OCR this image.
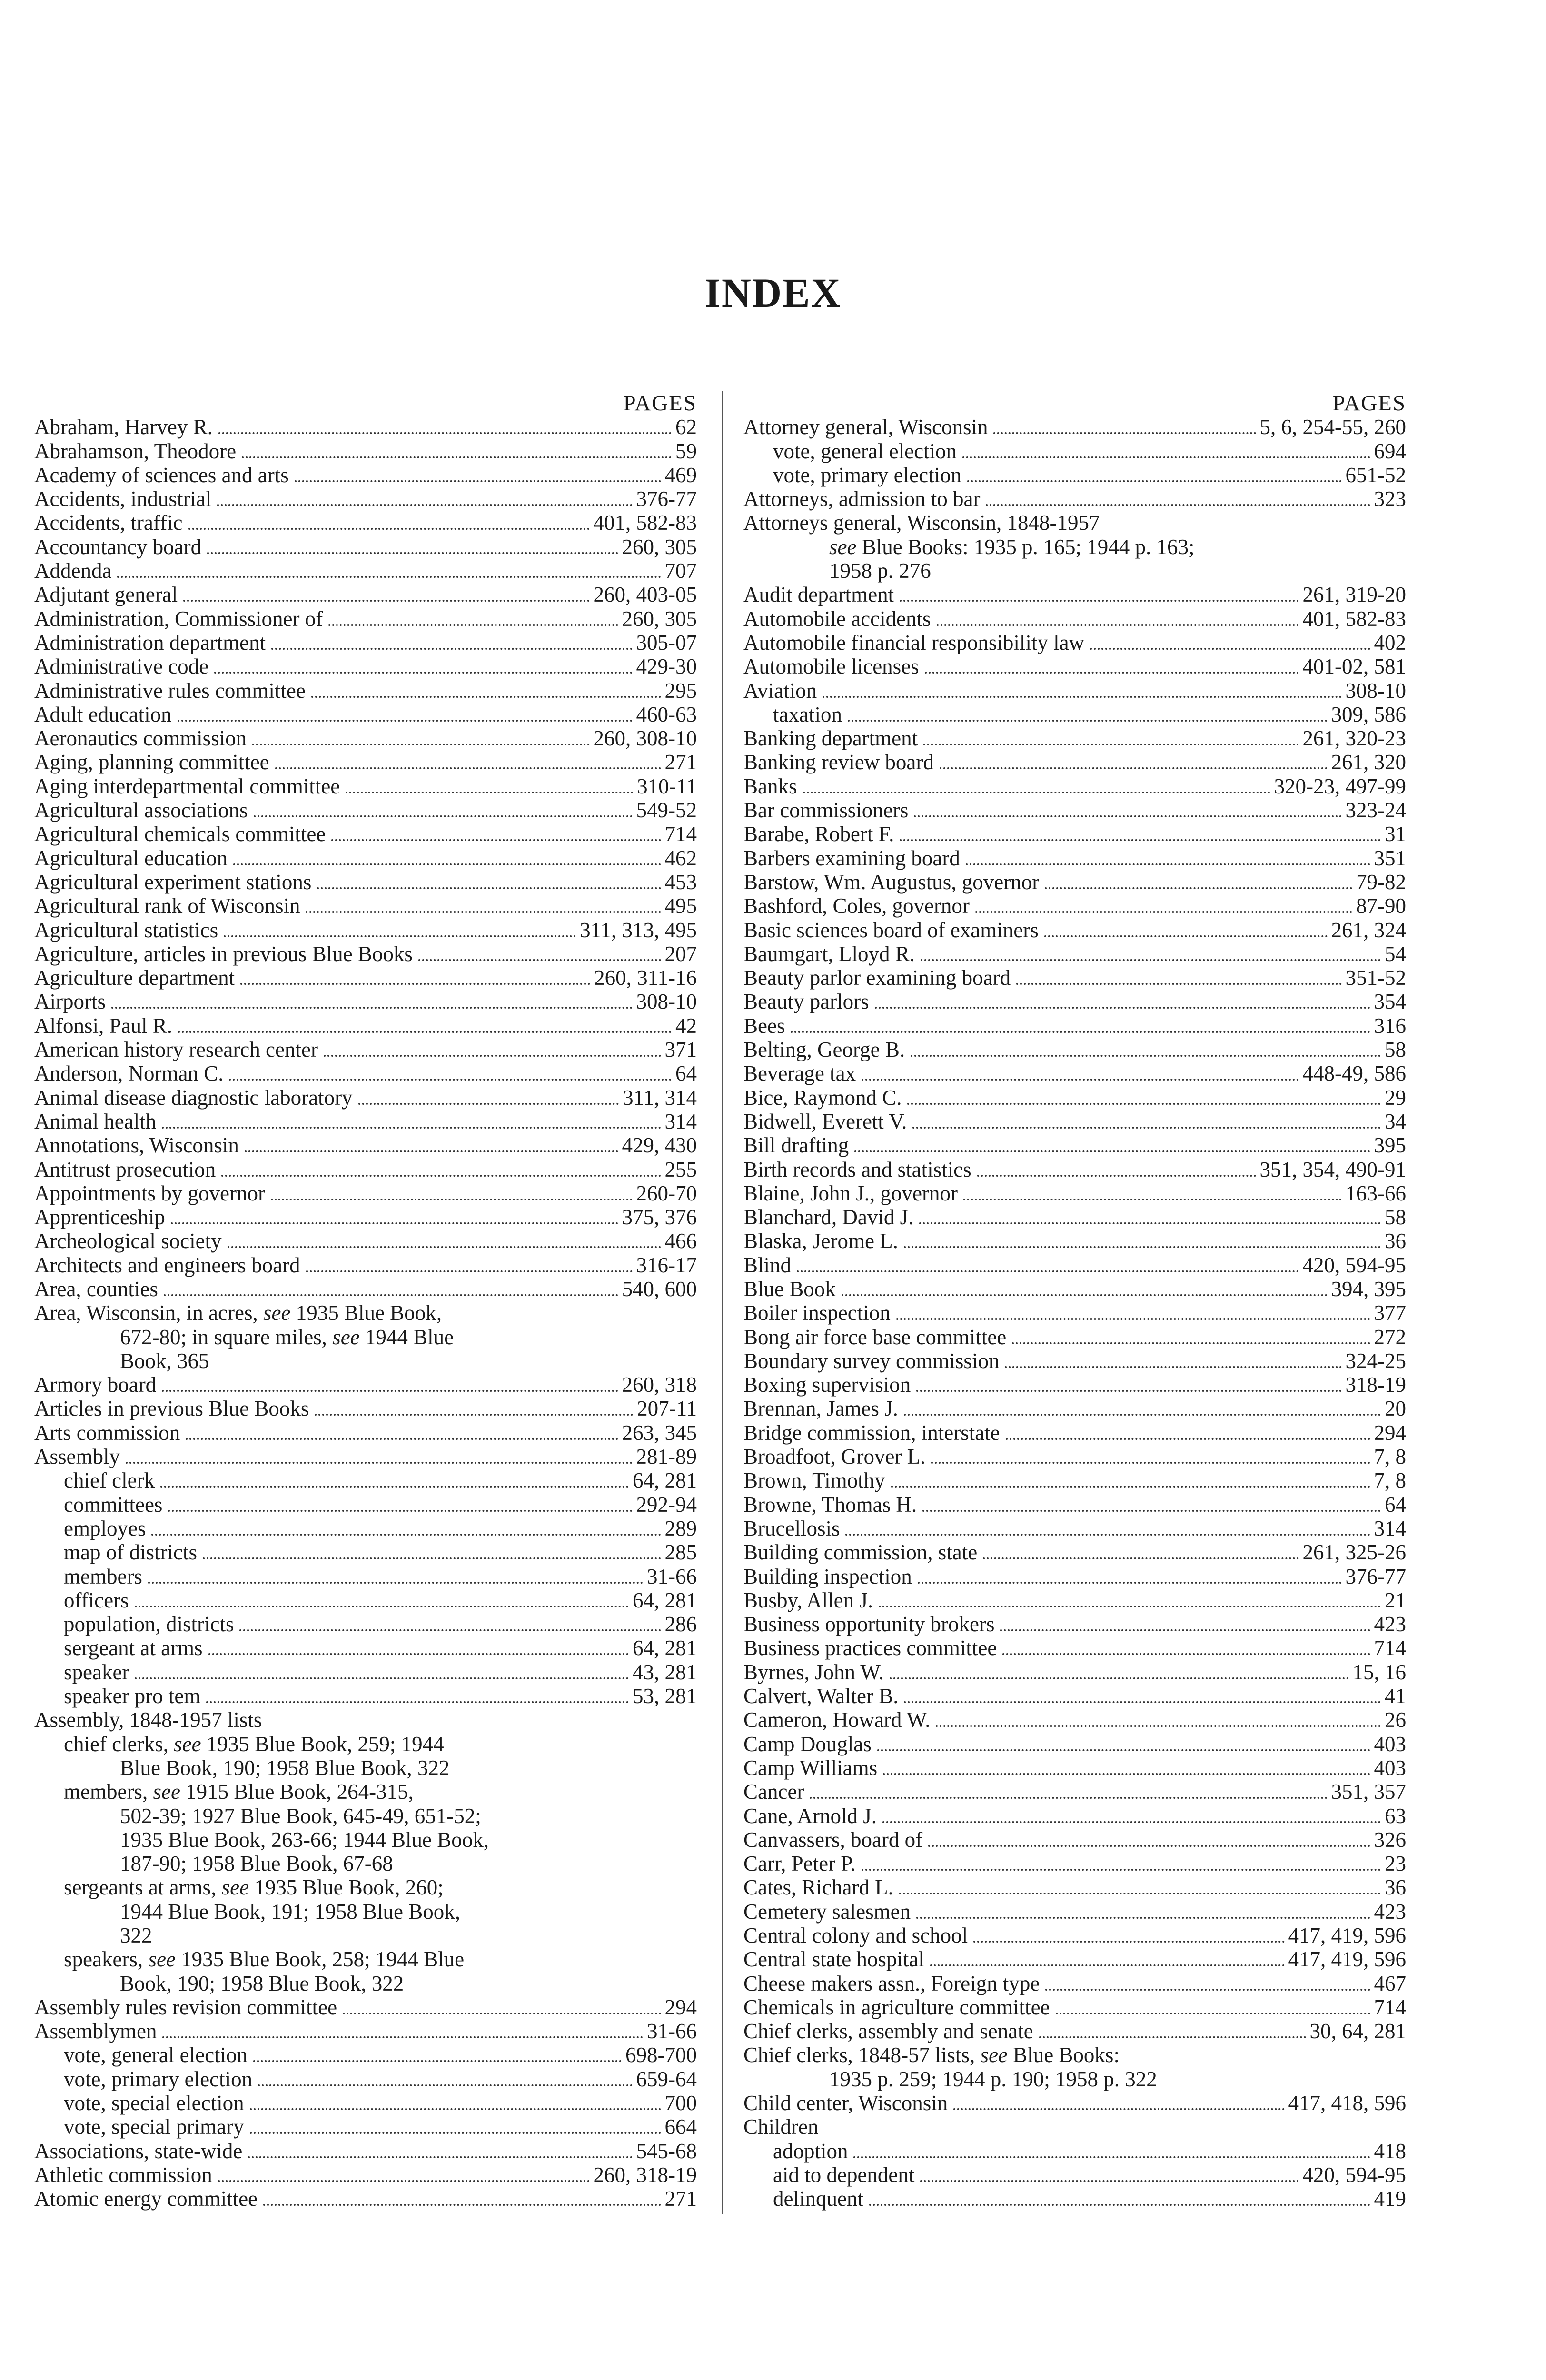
INDEX
PAGES
Abraham, Harvey R.	62
Abrahamson, Theodore	59
Academy of sciences and arts	469
Accidents, industrial	376-77
Accidents, traffic	401, 582-83
Accountancy board	260, 305
Addenda	707
Adjutant general	260, 403-05
Administration, Commissioner of	260, 305
Administration department	305-07
Administrative code	429-30
Administrative rules committee	295
Adult education	460-63
Aeronautics commission	260, 308-10
Aging, planning committee	271
Aging interdepartmental committee	310-11
Agricultural associations	549-52
Agricultural chemicals committee	714
Agricultural education	462
Agricultural experiment stations	453
Agricultural rank of Wisconsin	495
Agricultural statistics	311, 313, 495
Agriculture, articles in previous Blue Books	207
Agriculture department	260, 311-16
Airports	308-10
Alfonsi, Paul R.	42
American history research center	371
Anderson, Norman C.	64
Animal disease diagnostic laboratory	311, 314
Animal health	314
Annotations, Wisconsin	429, 430
Antitrust prosecution	255
Appointments by governor	260-70
Apprenticeship	375, 376
Archeological society	466
Architects and engineers board	316-17
Area, counties	540, 600
Area, Wisconsin, in acres, see 1935 Blue Book,
672-80; in square miles, see 1944 Blue
Book, 365
Armory board	260, 318
Articles in previous Blue Books	207-11
Arts commission	263, 345
Assembly	281-89
chief clerk	64, 281
committees	292-94
employes	289
map of districts	285
members	31-66
officers	64, 281
population, districts	286
sergeant at arms	64, 281
speaker	43, 281
speaker pro tem	53, 281
Assembly, 1848-1957 lists
chief clerks, see 1935 Blue Book, 259; 1944
Blue Book, 190; 1958 Blue Book, 322
members, see 1915 Blue Book, 264-315,
502-39; 1927 Blue Book, 645-49, 651-52;
1935 Blue Book, 263-66; 1944 Blue Book,
187-90; 1958 Blue Book, 67-68
sergeants at arms, see 1935 Blue Book, 260;
1944 Blue Book, 191; 1958 Blue Book,
322
speakers, see 1935 Blue Book, 258; 1944 Blue
Book, 190; 1958 Blue Book, 322
Assembly rules revision committee	294
Assemblymen	31-66
vote, general election	698-700
vote, primary election	659-64
vote, special election	700
vote, special primary	664
Associations, state-wide	545-68
Athletic commission	260, 318-19
Atomic energy committee	271
PAGES
Attorney general, Wisconsin	5, 6, 254-55, 260
vote, general election	694
vote, primary election	651-52
Attorneys, admission to bar	323
Attorneys general, Wisconsin, 1848-1957
see Blue Books: 1935 p. 165; 1944 p. 163;
1958 p. 276
Audit department	261, 319-20
Automobile accidents	401, 582-83
Automobile financial responsibility law	402
Automobile licenses	401-02, 581
Aviation	308-10
taxation	309, 586
Banking department	261, 320-23
Banking review board	261, 320
Banks	320-23, 497-99
Bar commissioners	323-24
Barabe, Robert F.	31
Barbers examining board	351
Barstow, Wm. Augustus, governor	79-82
Bashford, Coles, governor	87-90
Basic sciences board of examiners	261, 324
Baumgart, Lloyd R.	54
Beauty parlor examining board	351-52
Beauty parlors	354
Bees	316
Belting, George B.	58
Beverage tax	448-49, 586
Bice, Raymond C.	29
Bidwell, Everett V.	34
Bill drafting	395
Birth records and statistics	351, 354, 490-91
Blaine, John J., governor	163-66
Blanchard, David J.	58
Blaska, Jerome L.	36
Blind	420, 594-95
Blue Book	394, 395
Boiler inspection	377
Bong air force base committee	272
Boundary survey commission	324-25
Boxing supervision	318-19
Brennan, James J.	20
Bridge commission, interstate	294
Broadfoot, Grover L.	7, 8
Brown, Timothy	7, 8
Browne, Thomas H.	64
Brucellosis	314
Building commission, state	261, 325-26
Building inspection	376-77
Busby, Allen J.	21
Business opportunity brokers	423
Business practices committee	714
Byrnes, John W.	15, 16
Calvert, Walter B.	41
Cameron, Howard W.	26
Camp Douglas	403
Camp Williams	403
Cancer	351, 357
Cane, Arnold J.	63
Canvassers, board of	326
Carr, Peter P.	23
Cates, Richard L.	36
Cemetery salesmen	423
Central colony and school	417, 419, 596
Central state hospital	417, 419, 596
Cheese makers assn., Foreign type	467
Chemicals in agriculture committee	714
Chief clerks, assembly and senate	30, 64, 281
Chief clerks, 1848-57 lists, see Blue Books:
1935 p. 259; 1944 p. 190; 1958 p. 322
Child center, Wisconsin	417, 418, 596
Children
adoption	418
aid to dependent	420, 594-95
delinquent	419
